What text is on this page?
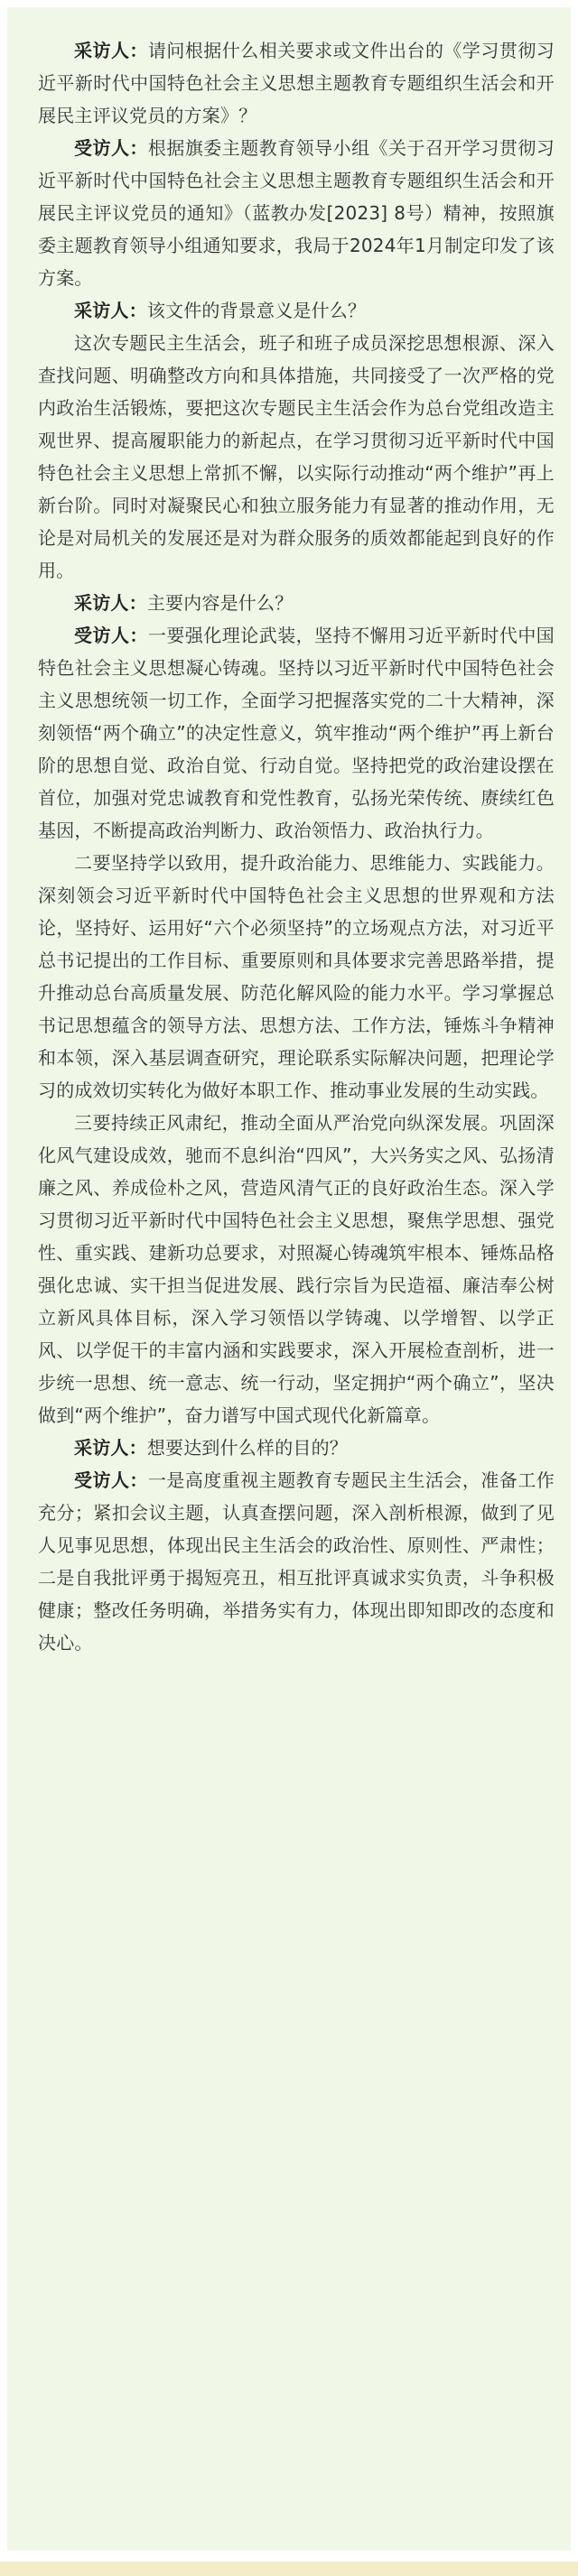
采访人：请问根据什么相关要求或文件出台的《学习贯彻习近平新时代中国特色社会主义思想主题教育专题组织生活会和开展民主评议党员的方案》？

受访人：根据旗委主题教育领导小组《关于召开学习贯彻习近平新时代中国特色社会主义思想主题教育专题组织生活会和开展民主评议党员的通知》（蓝教办发[2023] 8号）精神，按照旗委主题教育领导小组通知要求，我局于2024年1月制定印发了该方案。

采访人：该文件的背景意义是什么？

这次专题民主生活会，班子和班子成员深挖思想根源、深入查找问题、明确整改方向和具体措施，共同接受了一次严格的党内政治生活锻炼，要把这次专题民主生活会作为总台党组改造主观世界、提高履职能力的新起点，在学习贯彻习近平新时代中国特色社会主义思想上常抓不懈，以实际行动推动“两个维护”再上新台阶。同时对凝聚民心和独立服务能力有显著的推动作用，无论是对局机关的发展还是对为群众服务的质效都能起到良好的作用。

采访人：主要内容是什么？

受访人：一要强化理论武装，坚持不懈用习近平新时代中国特色社会主义思想凝心铸魂。坚持以习近平新时代中国特色社会主义思想统领一切工作，全面学习把握落实党的二十大精神，深刻领悟“两个确立”的决定性意义，筑牢推动“两个维护”再上新台阶的思想自觉、政治自觉、行动自觉。坚持把党的政治建设摆在首位，加强对党忠诚教育和党性教育，弘扬光荣传统、赓续红色基因，不断提高政治判断力、政治领悟力、政治执行力。

二要坚持学以致用，提升政治能力、思维能力、实践能力。深刻领会习近平新时代中国特色社会主义思想的世界观和方法论，坚持好、运用好“六个必须坚持”的立场观点方法，对习近平总书记提出的工作目标、重要原则和具体要求完善思路举措，提升推动总台高质量发展、防范化解风险的能力水平。学习掌握总书记思想蕴含的领导方法、思想方法、工作方法，锤炼斗争精神和本领，深入基层调查研究，理论联系实际解决问题，把理论学习的成效切实转化为做好本职工作、推动事业发展的生动实践。

三要持续正风肃纪，推动全面从严治党向纵深发展。巩固深化风气建设成效，驰而不息纠治“四风”，大兴务实之风、弘扬清廉之风、养成俭朴之风，营造风清气正的良好政治生态。深入学习贯彻习近平新时代中国特色社会主义思想，聚焦学思想、强党性、重实践、建新功总要求，对照凝心铸魂筑牢根本、锤炼品格强化忠诚、实干担当促进发展、践行宗旨为民造福、廉洁奉公树立新风具体目标，深入学习领悟以学铸魂、以学增智、以学正风、以学促干的丰富内涵和实践要求，深入开展检查剖析，进一步统一思想、统一意志、统一行动，坚定拥护“两个确立”，坚决做到“两个维护”，奋力谱写中国式现代化新篇章。

采访人：想要达到什么样的目的？

受访人：一是高度重视主题教育专题民主生活会，准备工作充分；紧扣会议主题，认真查摆问题，深入剖析根源，做到了见人见事见思想，体现出民主生活会的政治性、原则性、严肃性；二是自我批评勇于揭短亮丑，相互批评真诚求实负责，斗争积极健康；整改任务明确，举措务实有力，体现出即知即改的态度和决心。
